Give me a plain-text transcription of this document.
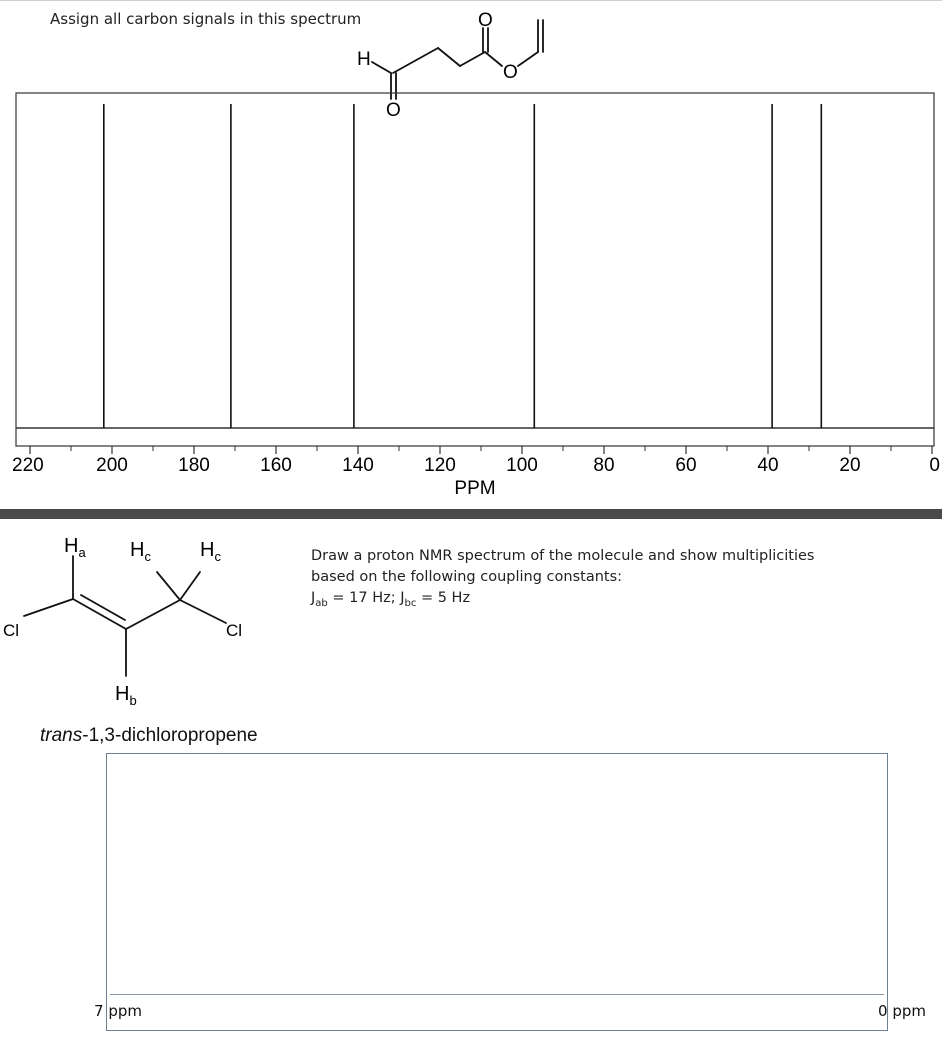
Assign all carbon signals in this spectrum
H
O
O
O
220	200	180	160	140	120	100	80	60	40	20	0
PPM
$H_a$ $H_c$ $H_c$
Cl	Cl
$H_b$
trans-1,3-dichloropropene
Draw a proton NMR spectrum of the molecule and show multiplicities
based on the following coupling constants:
$J_{ab} = 17$ Hz; $J_{bc} = 5$ Hz
7 ppm	0 ppm
